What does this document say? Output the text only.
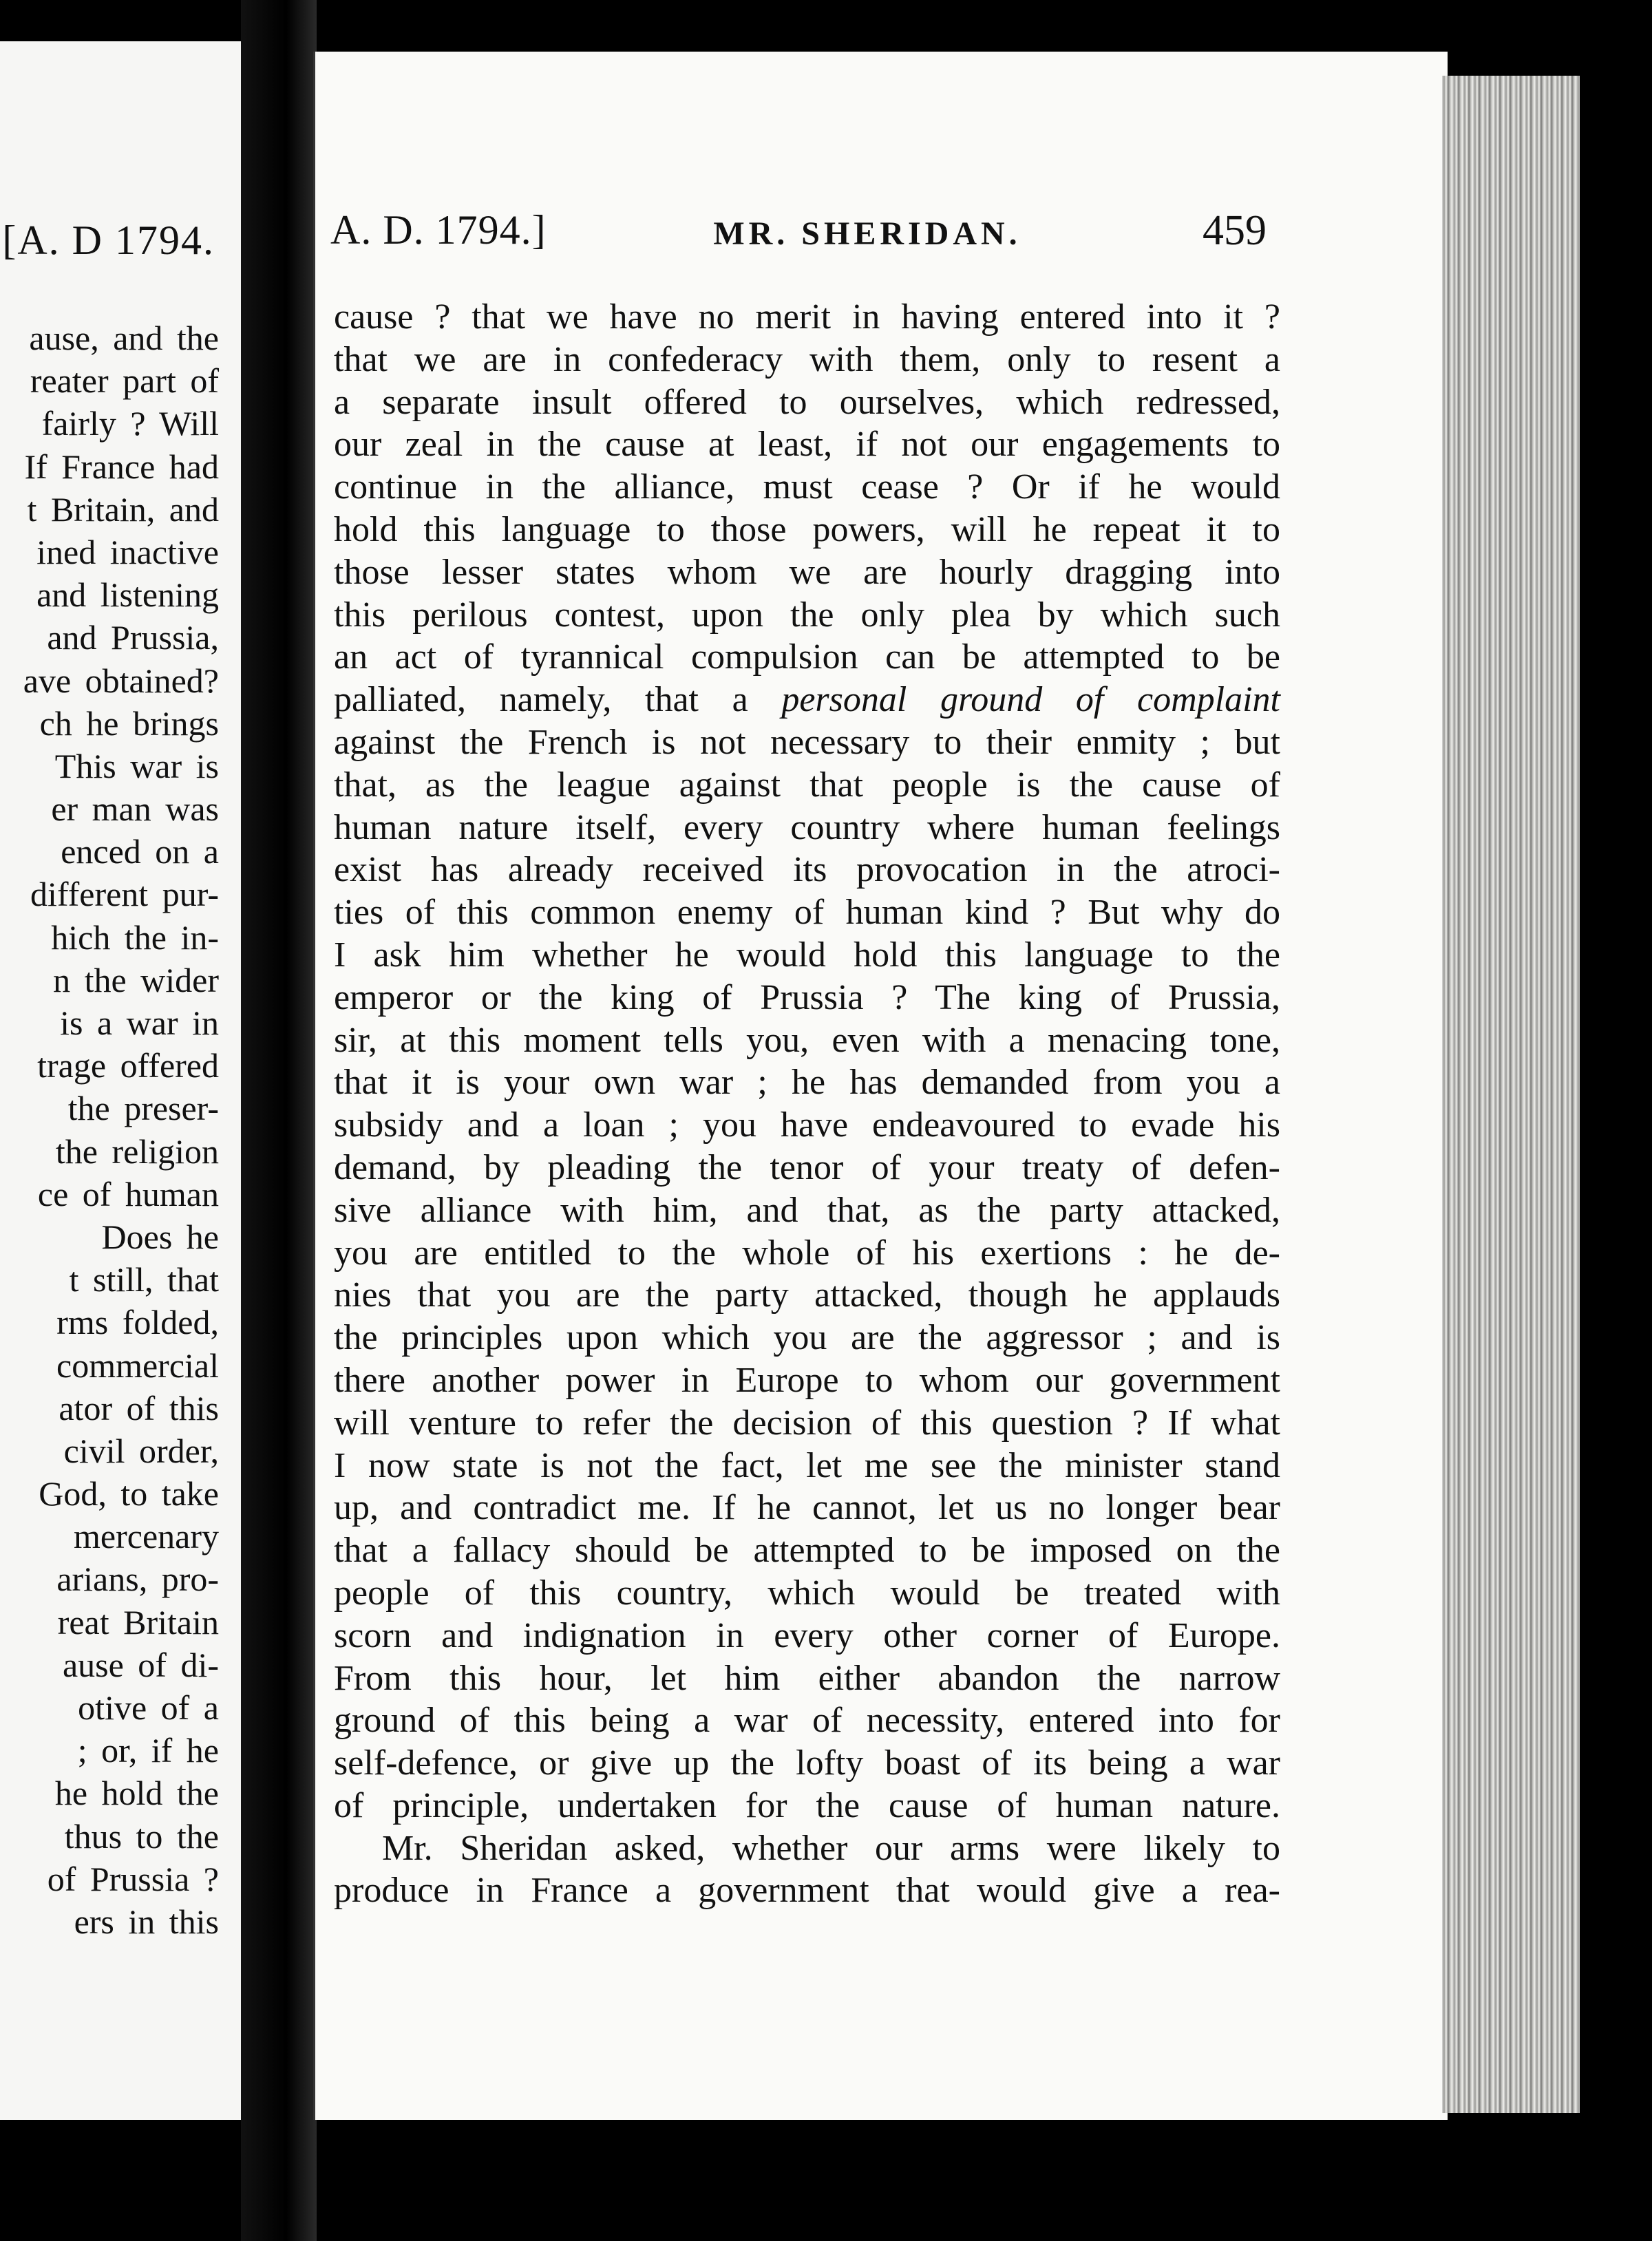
[A. D 1794.
ause, and the
reater part of
fairly ? Will
If France had
t Britain, and
ined inactive
and listening
and Prussia,
ave obtained?
ch he brings
This war is
er man was
enced on a
different pur-
hich the in-
n the wider
is a war in
trage offered
the preser-
the religion
ce of human
Does he
t still, that
rms folded,
commercial
ator of this
civil order,
God, to take
mercenary
arians, pro-
reat Britain
ause of di-
otive of a
; or, if he
he hold the
thus to the
of Prussia ?
ers in this
A. D. 1794.]	MR. SHERIDAN.	459
cause ? that we have no merit in having entered into it ?
that we are in confederacy with them, only to resent a
a separate insult offered to ourselves, which redressed,
our zeal in the cause at least, if not our engagements to
continue in the alliance, must cease ? Or if he would
hold this language to those powers, will he repeat it to
those lesser states whom we are hourly dragging into
this perilous contest, upon the only plea by which such
an act of tyrannical compulsion can be attempted to be
palliated, namely, that a personal ground of complaint
against the French is not necessary to their enmity ; but
that, as the league against that people is the cause of
human nature itself, every country where human feelings
exist has already received its provocation in the atroci-
ties of this common enemy of human kind ? But why do
I ask him whether he would hold this language to the
emperor or the king of Prussia ? The king of Prussia,
sir, at this moment tells you, even with a menacing tone,
that it is your own war ; he has demanded from you a
subsidy and a loan ; you have endeavoured to evade his
demand, by pleading the tenor of your treaty of defen-
sive alliance with him, and that, as the party attacked,
you are entitled to the whole of his exertions : he de-
nies that you are the party attacked, though he applauds
the principles upon which you are the aggressor ; and is
there another power in Europe to whom our government
will venture to refer the decision of this question ? If what
I now state is not the fact, let me see the minister stand
up, and contradict me. If he cannot, let us no longer bear
that a fallacy should be attempted to be imposed on the
people of this country, which would be treated with
scorn and indignation in every other corner of Europe.
From this hour, let him either abandon the narrow
ground of this being a war of necessity, entered into for
self-defence, or give up the lofty boast of its being a war
of principle, undertaken for the cause of human nature.
Mr. Sheridan asked, whether our arms were likely to
produce in France a government that would give a rea-
